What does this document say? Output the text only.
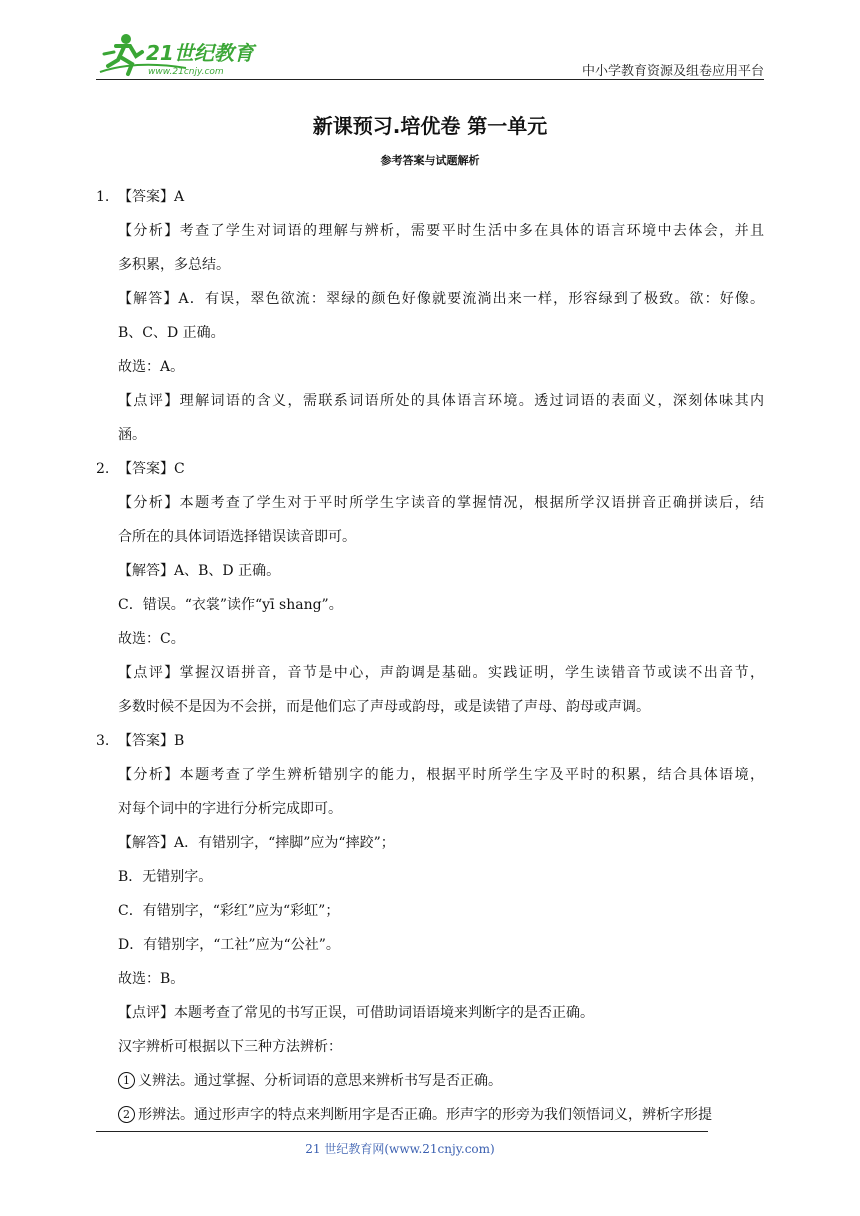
21世纪教育
www.21cnjy.com	中小学教育资源及组卷应用平台
新课预习.培优卷 第一单元
参考答案与试题解析
1. 【答案】A
【分析】考查了学生对词语的理解与辨析，需要平时生活中多在具体的语言环境中去体会，并且
多积累，多总结。
【解答】A．有误，翠色欲流：翠绿的颜色好像就要流淌出来一样，形容绿到了极致。欲：好像。
B、C、D 正确。
故选：A。
【点评】理解词语的含义，需联系词语所处的具体语言环境。透过词语的表面义，深刻体味其内
涵。
2. 【答案】C
【分析】本题考查了学生对于平时所学生字读音的掌握情况，根据所学汉语拼音正确拼读后，结
合所在的具体词语选择错误读音即可。
【解答】A、B、D 正确。
C．错误。“衣裳”读作“yī shang”。
故选：C。
【点评】掌握汉语拼音，音节是中心，声韵调是基础。实践证明，学生读错音节或读不出音节，
多数时候不是因为不会拼，而是他们忘了声母或韵母，或是读错了声母、韵母或声调。
3. 【答案】B
【分析】本题考查了学生辨析错别字的能力，根据平时所学生字及平时的积累，结合具体语境，
对每个词中的字进行分析完成即可。
【解答】A．有错别字，“摔脚”应为“摔跤”；
B．无错别字。
C．有错别字，“彩红”应为“彩虹”；
D．有错别字，“工社”应为“公社”。
故选：B。
【点评】本题考查了常见的书写正误，可借助词语语境来判断字的是否正确。
汉字辨析可根据以下三种方法辨析：
1 义辨法。通过掌握、分析词语的意思来辨析书写是否正确。
2 形辨法。通过形声字的特点来判断用字是否正确。形声字的形旁为我们领悟词义，辨析字形提
21 世纪教育网(www.21cnjy.com)
